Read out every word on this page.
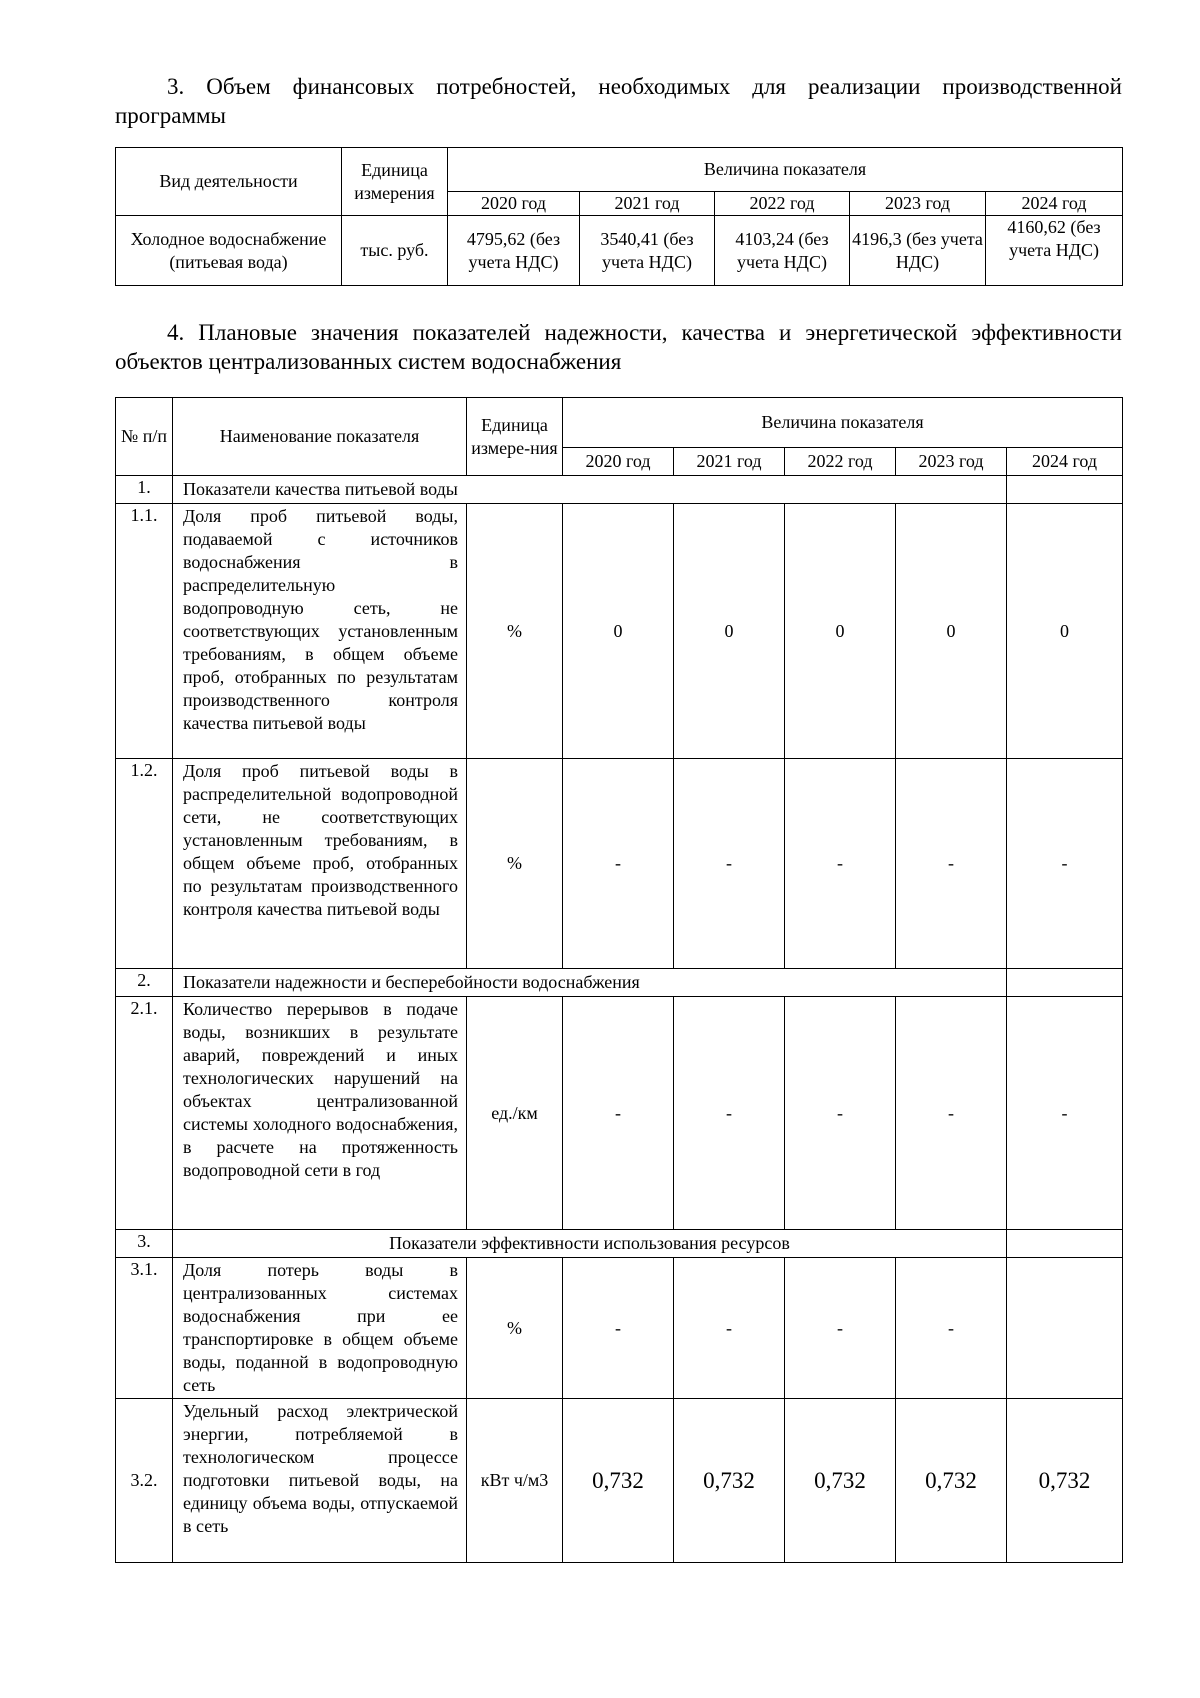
3. Объем финансовых потребностей, необходимых для реализации производственной программы
Вид деятельности	Единица измерения	Величина показателя				
		2020 год	2021 год	2022 год	2023 год	2024 год
Холодное водоснабжение (питьевая вода)	тыс. руб.	4795,62 (без учета НДС)	3540,41 (без учета НДС)	4103,24 (без учета НДС)	4196,3 (без учета НДС)	4160,62 (без учета НДС)
4. Плановые значения показателей надежности, качества и энергетической эффективности объектов централизованных систем водоснабжения
№ п/п	Наименование показателя	Единица измере-ния	Величина показателя				
			2020 год	2021 год	2022 год	2023 год	2024 год
1.	Показатели качества питьевой воды						
1.1.	Доля проб питьевой воды, подаваемой с источников водоснабжения в распределительную водопроводную сеть, не соответствующих установленным требованиям, в общем объеме проб, отобранных по результатам производственного контроля качества питьевой воды	%	0	0	0	0	0
1.2.	Доля проб питьевой воды в распределительной водопроводной сети, не соответствующих установленным требованиям, в общем объеме проб, отобранных по результатам производственного контроля качества питьевой воды	%	-	-	-	-	-
2.	Показатели надежности и бесперебойности водоснабжения						
2.1.	Количество перерывов в подаче воды, возникших в результате аварий, повреждений и иных технологических нарушений на объектах централизованной системы холодного водоснабжения, в расчете на протяженность водопроводной сети в год	ед./км	-	-	-	-	-
3.	Показатели эффективности использования ресурсов						
3.1.	Доля потерь воды в централизованных системах водоснабжения при ее транспортировке в общем объеме воды, поданной в водопроводную сеть	%	-	-	-	-	
3.2.	Удельный расход электрической энергии, потребляемой в технологическом процессе подготовки питьевой воды, на единицу объема воды, отпускаемой в сеть	кВт ч/м3	0,732	0,732	0,732	0,732	0,732
